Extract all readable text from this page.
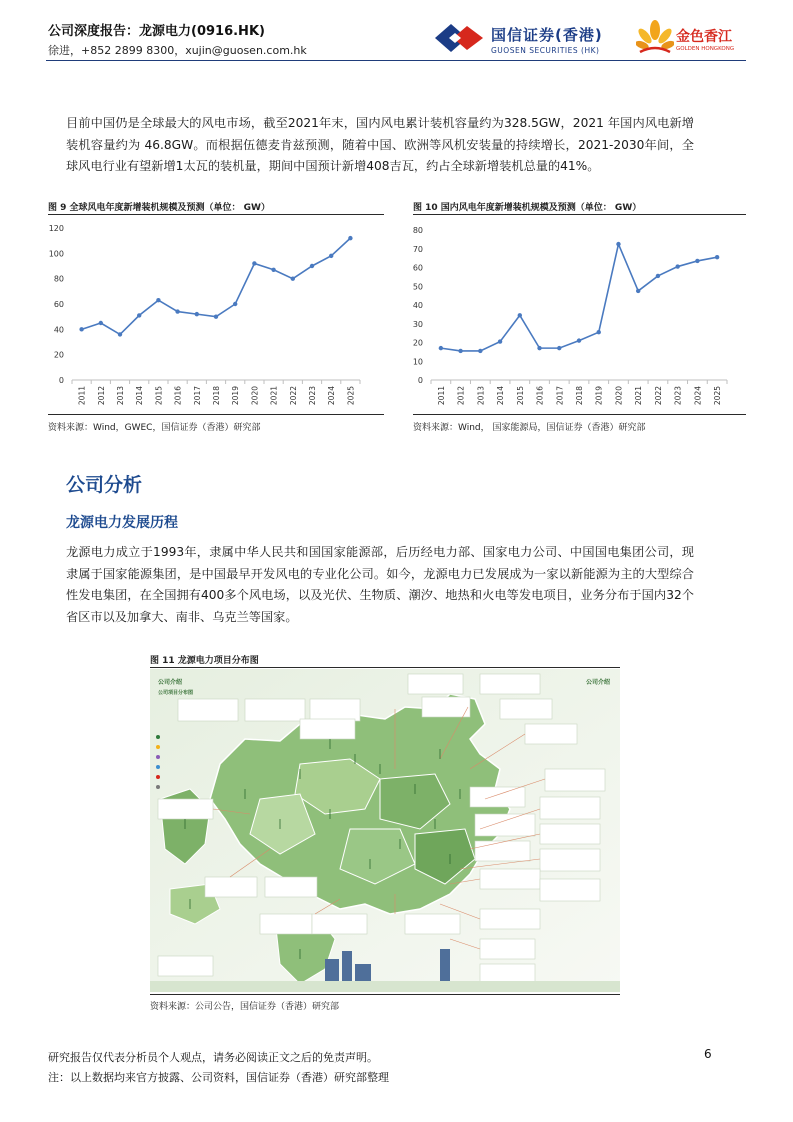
公司深度报告：龙源电力(0916.HK)
徐进，+852 2899 8300，xujin@guosen.com.hk
国信证券(香港)
GUOSEN SECURITIES (HK)
金色香江
GOLDEN HONGKONG
目前中国仍是全球最大的风电市场，截至2021年末，国内风电累计装机容量约为328.5GW，2021 年国内风电新增装机容量约为 46.8GW。而根据伍德麦肯兹预测，随着中国、欧洲等风机安装量的持续增长，2021-2030年间，全球风电行业有望新增1太瓦的装机量，期间中国预计新增408吉瓦，约占全球新增装机总量的41%。
图 9 全球风电年度新增装机规模及预测（单位： GW）
0
20
40
60
80
100
120
2011 2012 2013 2014 2015 2016 2017 2018 2019 2020 2021 2022 2023 2024 2025
资料来源：Wind，GWEC，国信证券（香港）研究部
图 10 国内风电年度新增装机规模及预测（单位： GW）
0
10
20
30
40
50
60
70
80
2011 2012 2013 2014 2015 2016 2017 2018 2019 2020 2021 2022 2023 2024 2025
资料来源：Wind， 国家能源局，国信证券（香港）研究部
公司分析
龙源电力发展历程
龙源电力成立于1993年，隶属中华人民共和国国家能源部，后历经电力部、国家电力公司、中国国电集团公司，现隶属于国家能源集团，是中国最早开发风电的专业化公司。如今，龙源电力已发展成为一家以新能源为主的大型综合性发电集团，在全国拥有400多个风电场，以及光伏、生物质、潮汐、地热和火电等发电项目，业务分布于国内32个省区市以及加拿大、南非、乌克兰等国家。
图 11 龙源电力项目分布图
公司介绍
公司项目分布图
公司介绍
资料来源：公司公告，国信证券（香港）研究部
研究报告仅代表分析员个人观点，请务必阅读正文之后的免责声明。
注：以上数据均来官方披露、公司资料，国信证券（香港）研究部整理
6
